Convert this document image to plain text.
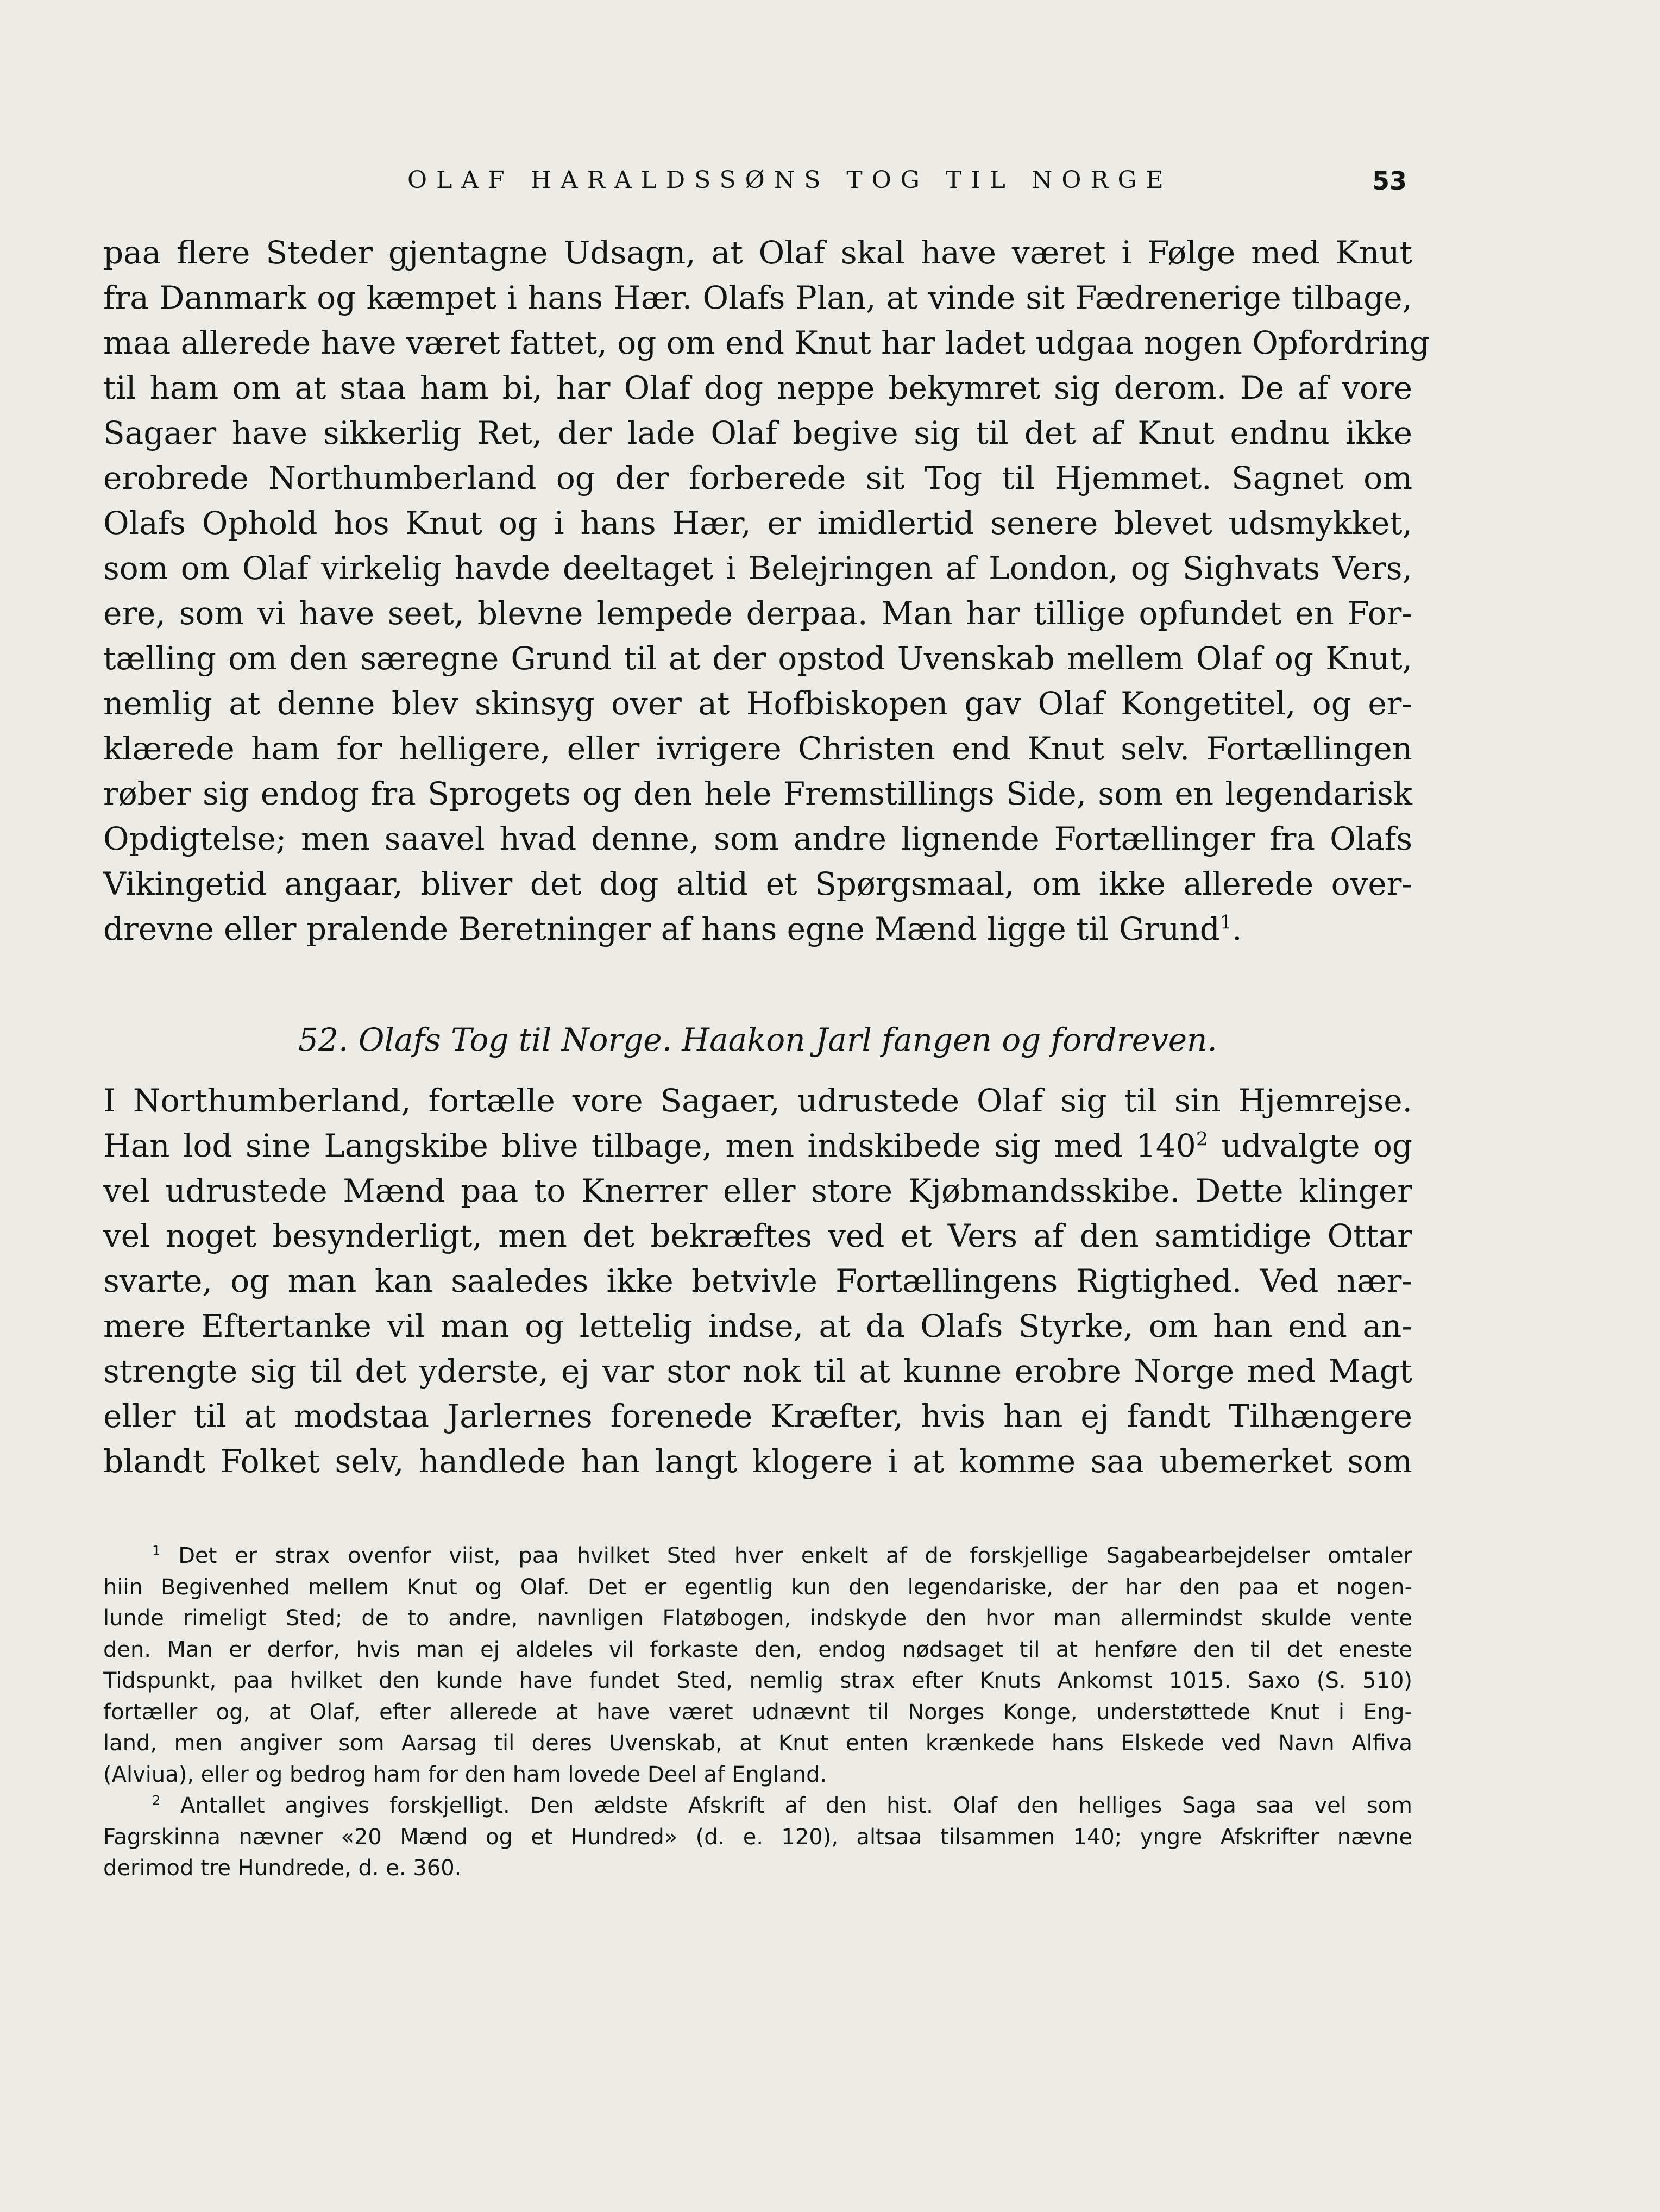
OLAF HARALDSSØNS TOG TIL NORGE	53
paa flere Steder gjentagne Udsagn, at Olaf skal have været i Følge med Knut
fra Danmark og kæmpet i hans Hær. Olafs Plan, at vinde sit Fædrenerige tilbage,
maa allerede have været fattet, og om end Knut har ladet udgaa nogen Opfordring
til ham om at staa ham bi, har Olaf dog neppe bekymret sig derom. De af vore
Sagaer have sikkerlig Ret, der lade Olaf begive sig til det af Knut endnu ikke
erobrede Northumberland og der forberede sit Tog til Hjemmet. Sagnet om
Olafs Ophold hos Knut og i hans Hær, er imidlertid senere blevet udsmykket,
som om Olaf virkelig havde deeltaget i Belejringen af London, og Sighvats Vers,
ere, som vi have seet, blevne lempede derpaa. Man har tillige opfundet en For-
tælling om den særegne Grund til at der opstod Uvenskab mellem Olaf og Knut,
nemlig at denne blev skinsyg over at Hofbiskopen gav Olaf Kongetitel, og er-
klærede ham for helligere, eller ivrigere Christen end Knut selv. Fortællingen
røber sig endog fra Sprogets og den hele Fremstillings Side, som en legendarisk
Opdigtelse; men saavel hvad denne, som andre lignende Fortællinger fra Olafs
Vikingetid angaar, bliver det dog altid et Spørgsmaal, om ikke allerede over-
drevne eller pralende Beretninger af hans egne Mænd ligge til Grund$^1$.
52. Olafs Tog til Norge. Haakon Jarl fangen og fordreven.
I Northumberland, fortælle vore Sagaer, udrustede Olaf sig til sin Hjemrejse.
Han lod sine Langskibe blive tilbage, men indskibede sig med $140^2$ udvalgte og
vel udrustede Mænd paa to Knerrer eller store Kjøbmandsskibe. Dette klinger
vel noget besynderligt, men det bekræftes ved et Vers af den samtidige Ottar
svarte, og man kan saaledes ikke betvivle Fortællingens Rigtighed. Ved nær-
mere Eftertanke vil man og lettelig indse, at da Olafs Styrke, om han end an-
strengte sig til det yderste, ej var stor nok til at kunne erobre Norge med Magt
eller til at modstaa Jarlernes forenede Kræfter, hvis han ej fandt Tilhængere
blandt Folket selv, handlede han langt klogere i at komme saa ubemerket som
$^1$ Det er strax ovenfor viist, paa hvilket Sted hver enkelt af de forskjellige Sagabearbejdelser omtaler
hiin Begivenhed mellem Knut og Olaf. Det er egentlig kun den legendariske, der har den paa et nogen-
lunde rimeligt Sted; de to andre, navnligen Flatøbogen, indskyde den hvor man allermindst skulde vente
den. Man er derfor, hvis man ej aldeles vil forkaste den, endog nødsaget til at henføre den til det eneste
Tidspunkt, paa hvilket den kunde have fundet Sted, nemlig strax efter Knuts Ankomst 1015. Saxo (S. 510)
fortæller og, at Olaf, efter allerede at have været udnævnt til Norges Konge, understøttede Knut i Eng-
land, men angiver som Aarsag til deres Uvenskab, at Knut enten krænkede hans Elskede ved Navn Alfiva
(Alviua), eller og bedrog ham for den ham lovede Deel af England.
$^2$ Antallet angives forskjelligt. Den ældste Afskrift af den hist. Olaf den helliges Saga saa vel som
Fagrskinna nævner «20 Mænd og et Hundred» (d. e. 120), altsaa tilsammen 140; yngre Afskrifter nævne
derimod tre Hundrede, d. e. 360.
